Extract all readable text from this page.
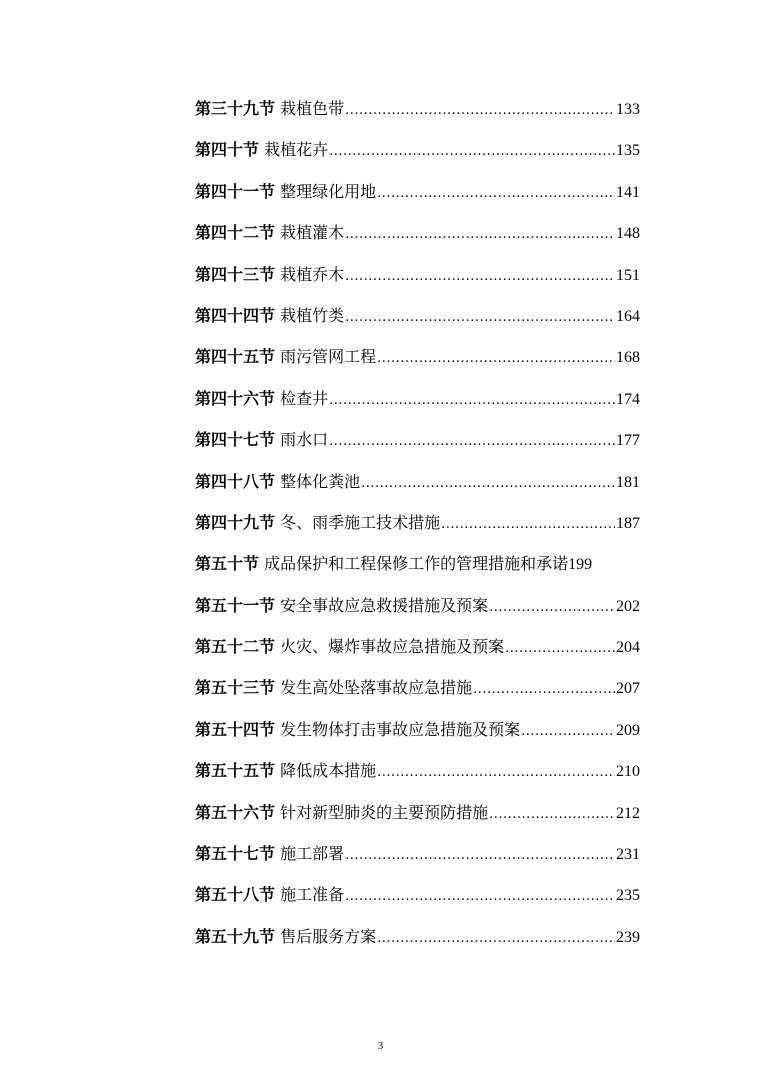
第三十九节 栽植色带 .....	133
第四十节 栽植花卉 .....	135
第四十一节 整理绿化用地 .....	141
第四十二节 栽植灌木 .....	148
第四十三节 栽植乔木 .....	151
第四十四节 栽植竹类 .....	164
第四十五节 雨污管网工程 .....	168
第四十六节 检查井 .....	174
第四十七节 雨水口 .....	177
第四十八节 整体化粪池 .....	181
第四十九节 冬、雨季施工技术措施 .....	187
第五十节 成品保护和工程保修工作的管理措施和承诺 199
第五十一节 安全事故应急救援措施及预案 .....	202
第五十二节 火灾、爆炸事故应急措施及预案 .....	204
第五十三节 发生高处坠落事故应急措施 .....	207
第五十四节 发生物体打击事故应急措施及预案 .....	209
第五十五节 降低成本措施 .....	210
第五十六节 针对新型肺炎的主要预防措施 .....	212
第五十七节 施工部署 .....	231
第五十八节 施工准备 .....	235
第五十九节 售后服务方案 .....	239
3
